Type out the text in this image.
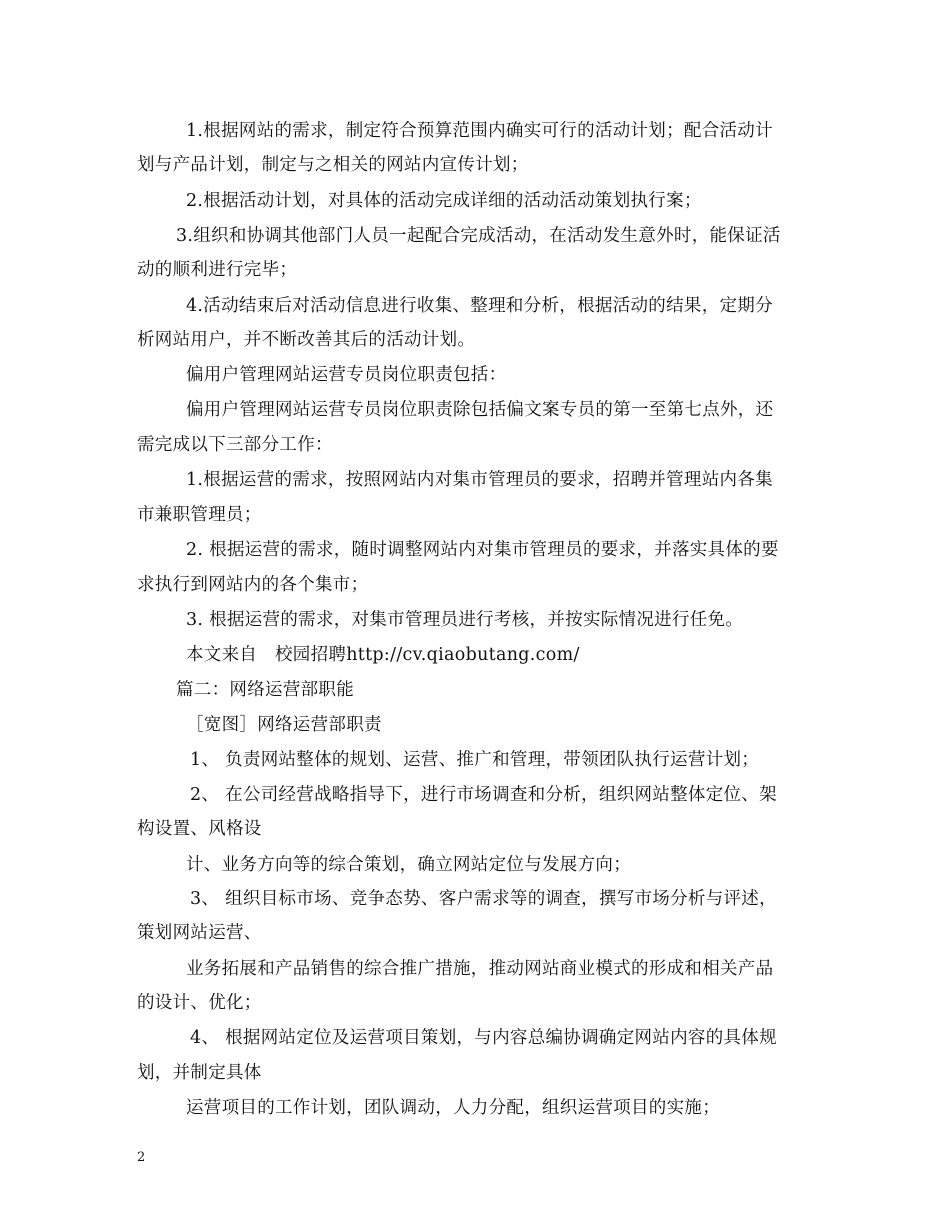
1.根据网站的需求，制定符合预算范围内确实可行的活动计划；配合活动计
划与产品计划，制定与之相关的网站内宣传计划；
2.根据活动计划，对具体的活动完成详细的活动活动策划执行案；
3.组织和协调其他部门人员一起配合完成活动，在活动发生意外时，能保证活
动的顺利进行完毕；
4.活动结束后对活动信息进行收集、整理和分析，根据活动的结果，定期分
析网站用户，并不断改善其后的活动计划。
偏用户管理网站运营专员岗位职责包括：
偏用户管理网站运营专员岗位职责除包括偏文案专员的第一至第七点外，还
需完成以下三部分工作：
1.根据运营的需求，按照网站内对集市管理员的要求，招聘并管理站内各集
市兼职管理员；
2. 根据运营的需求，随时调整网站内对集市管理员的要求，并落实具体的要
求执行到网站内的各个集市；
3. 根据运营的需求，对集市管理员进行考核，并按实际情况进行任免。
本文来自　校园招聘http://cv.qiaobutang.com/
篇二：网络运营部职能
［宽图］网络运营部职责
1、 负责网站整体的规划、运营、推广和管理，带领团队执行运营计划；
2、 在公司经营战略指导下，进行市场调查和分析，组织网站整体定位、架
构设置、风格设
计、业务方向等的综合策划，确立网站定位与发展方向；
3、 组织目标市场、竞争态势、客户需求等的调查，撰写市场分析与评述，
策划网站运营、
业务拓展和产品销售的综合推广措施，推动网站商业模式的形成和相关产品
的设计、优化；
4、 根据网站定位及运营项目策划，与内容总编协调确定网站内容的具体规
划，并制定具体
运营项目的工作计划，团队调动，人力分配，组织运营项目的实施；
2
